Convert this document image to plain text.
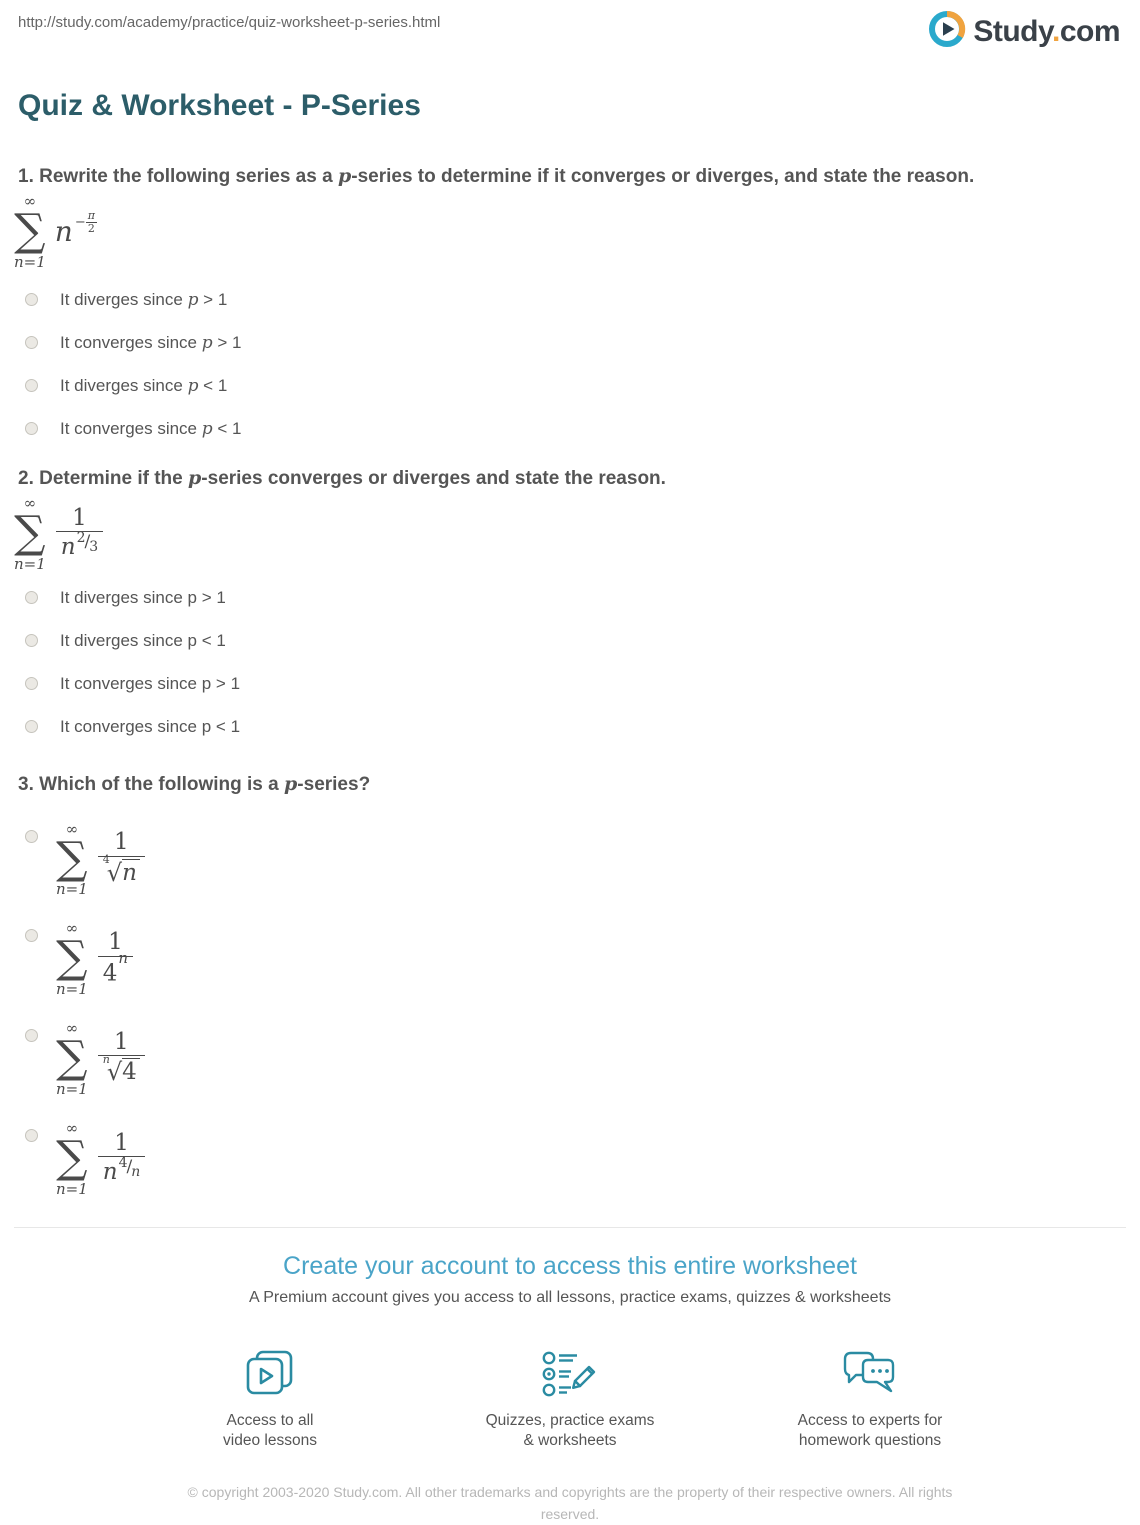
http://study.com/academy/practice/quiz-worksheet-p-series.html	Study.com
Quiz & Worksheet - P-Series
1. Rewrite the following series as a p-series to determine if it converges or diverges, and state the reason.
∞
∑
n=1
$n - \frac{\pi}{2}$
It diverges since p > 1
It converges since p > 1
It diverges since p < 1
It converges since p < 1
2. Determine if the p-series converges or diverges and state the reason.
∞
∑
n=1
$\frac{1}{n 2 / 3}$
It diverges since p > 1
It diverges since p < 1
It converges since p > 1
It converges since p < 1
3. Which of the following is a p-series?
∞
∑
$n=1 \frac{1}{^4√n}$
∞
∑
$n=1 \frac{1}{4^n}$
∞
∑
$n=1 \frac{1}{^n√4}$
∞
∑
n=1
$\frac{1}{n 4 / n}$
Create your account to access this entire worksheet
A Premium account gives you access to all lessons, practice exams, quizzes & worksheets
Access to all
video lessons
Quizzes, practice exams
& worksheets
Access to experts for
homework questions
© copyright 2003-2020 Study.com. All other trademarks and copyrights are the property of their respective owners. All rights reserved.
